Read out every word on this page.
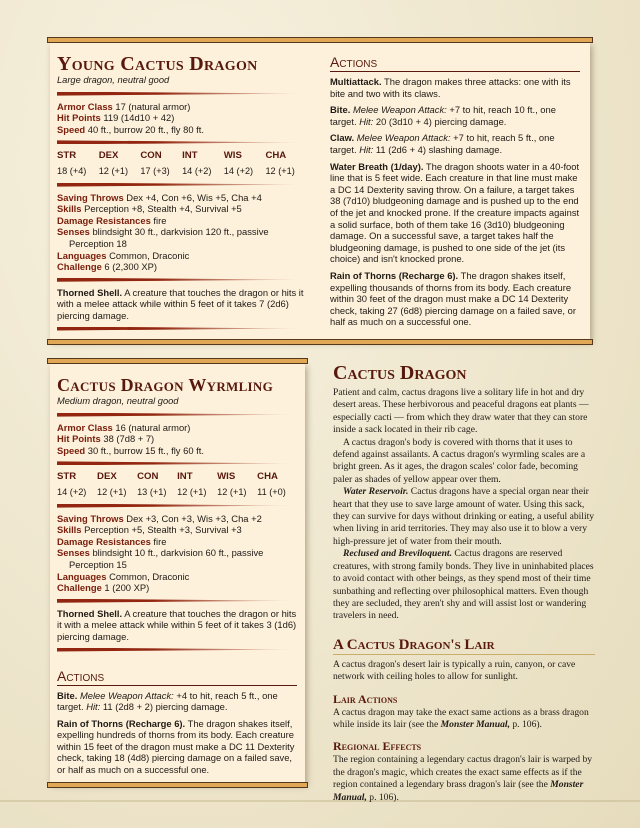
Young Cactus Dragon
Large dragon, neutral good
Armor Class 17 (natural armor)
Hit Points 119 (14d10 + 42)
Speed 40 ft., burrow 20 ft., fly 80 ft.
STR
18 (+4)
DEX
12 (+1)
CON
17 (+3)
INT
14 (+2)
WIS
14 (+2)
CHA
12 (+1)
Saving Throws Dex +4, Con +6, Wis +5, Cha +4
Skills Perception +8, Stealth +4, Survival +5
Damage Resistances fire
Senses blindsight 30 ft., darkvision 120 ft., passive Perception 18
Languages Common, Draconic
Challenge 6 (2,300 XP)
Thorned Shell. A creature that touches the dragon or hits it with a melee attack while within 5 feet of it takes 7 (2d6) piercing damage.
Actions
Multiattack. The dragon makes three attacks: one with its bite and two with its claws.
Bite. Melee Weapon Attack: +7 to hit, reach 10 ft., one target. Hit: 20 (3d10 + 4) piercing damage.
Claw. Melee Weapon Attack: +7 to hit, reach 5 ft., one target. Hit: 11 (2d6 + 4) slashing damage.
Water Breath (1/day). The dragon shoots water in a 40-foot line that is 5 feet wide. Each creature in that line must make a DC 14 Dexterity saving throw. On a failure, a target takes 38 (7d10) bludgeoning damage and is pushed up to the end of the jet and knocked prone. If the creature impacts against a solid surface, both of them take 16 (3d10) bludgeoning damage. On a successful save, a target takes half the bludgeoning damage, is pushed to one side of the jet (its choice) and isn't knocked prone.
Rain of Thorns (Recharge 6). The dragon shakes itself, expelling thousands of thorns from its body. Each creature within 30 feet of the dragon must make a DC 14 Dexterity check, taking 27 (6d8) piercing damage on a failed save, or half as much on a successful one.
Cactus Dragon Wyrmling
Medium dragon, neutral good
Armor Class 16 (natural armor)
Hit Points 38 (7d8 + 7)
Speed 30 ft., burrow 15 ft., fly 60 ft.
STR
14 (+2)
DEX
12 (+1)
CON
13 (+1)
INT
12 (+1)
WIS
12 (+1)
CHA
11 (+0)
Saving Throws Dex +3, Con +3, Wis +3, Cha +2
Skills Perception +5, Stealth +3, Survival +3
Damage Resistances fire
Senses blindsight 10 ft., darkvision 60 ft., passive Perception 15
Languages Common, Draconic
Challenge 1 (200 XP)
Thorned Shell. A creature that touches the dragon or hits it with a melee attack while within 5 feet of it takes 3 (1d6) piercing damage.
Actions
Bite. Melee Weapon Attack: +4 to hit, reach 5 ft., one target. Hit: 11 (2d8 + 2) piercing damage.
Rain of Thorns (Recharge 6). The dragon shakes itself, expelling hundreds of thorns from its body. Each creature within 15 feet of the dragon must make a DC 11 Dexterity check, taking 18 (4d8) piercing damage on a failed save, or half as much on a successful one.
Cactus Dragon

Patient and calm, cactus dragons live a solitary life in hot and dry desert areas. These herbivorous and peaceful dragons eat plants — especially cacti — from which they draw water that they can store inside a sack located in their rib cage.

A cactus dragon's body is covered with thorns that it uses to defend against assailants. A cactus dragon's wyrmling scales are a bright green. As it ages, the dragon scales' color fade, becoming paler as shades of yellow appear over them.

Water Reservoir. Cactus dragons have a special organ near their heart that they use to save large amount of water. Using this sack, they can survive for days without drinking or eating, a useful ability when living in arid territories. They may also use it to blow a very high-pressure jet of water from their mouth.

Reclused and Breviloquent. Cactus dragons are reserved creatures, with strong family bonds. They live in uninhabited places to avoid contact with other beings, as they spend most of their time sunbathing and reflecting over philosophical matters. Even though they are secluded, they aren't shy and will assist lost or wandering travelers in need.

A Cactus Dragon's Lair

A cactus dragon's desert lair is typically a ruin, canyon, or cave network with ceiling holes to allow for sunlight.

Lair Actions

A cactus dragon may take the exact same actions as a brass dragon while inside its lair (see the Monster Manual, p. 106).

Regional Effects

The region containing a legendary cactus dragon's lair is warped by the dragon's magic, which creates the exact same effects as if the region contained a legendary brass dragon's lair (see the Monster Manual, p. 106).
